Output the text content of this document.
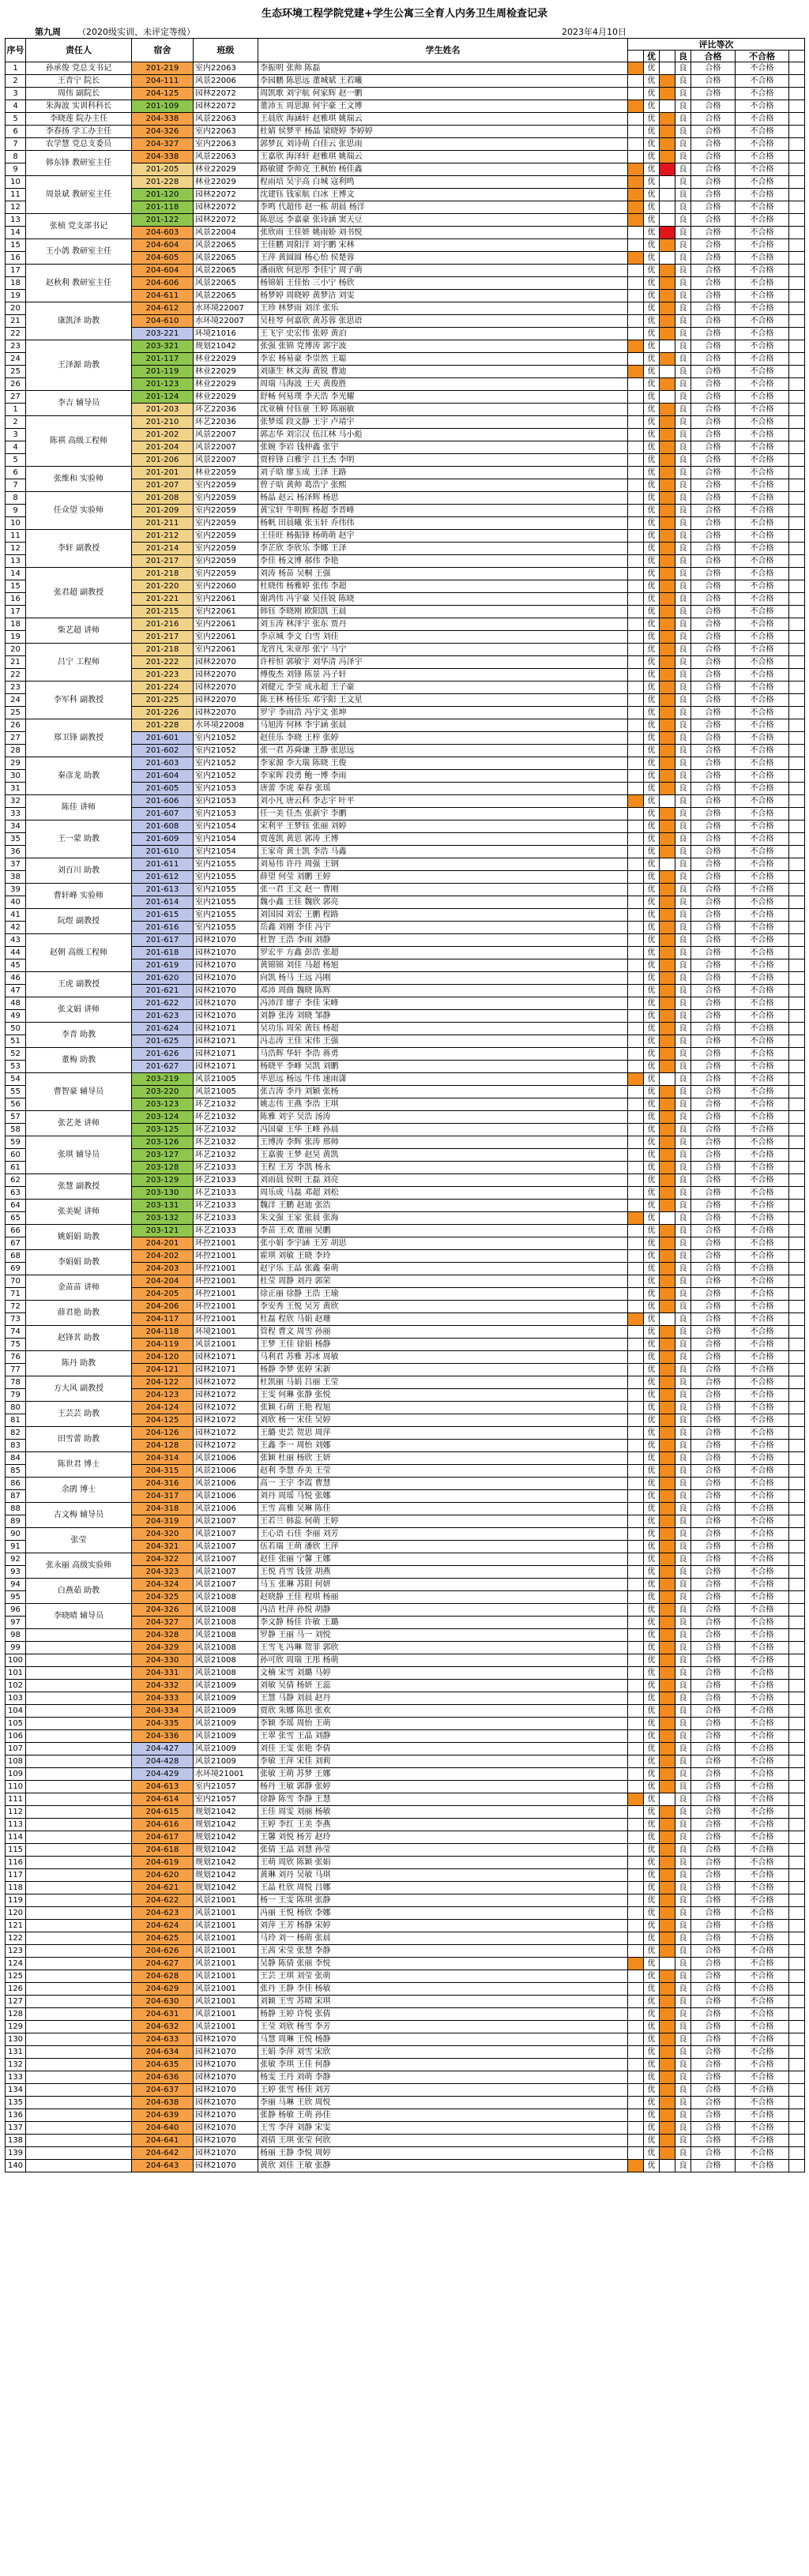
生态环境工程学院党建+学生公寓三全育人内务卫生周检查记录
第九周 （2020级实训、未评定等级）	2023年4月10日
序号	责任人	宿舍	班级	学生姓名	评比等次						
						优		良	合格	不合格	
1	孙承俊 党总支书记	201-219	室内22063	李振明 张帅 陈磊		优		良	合格	不合格	
2	王青宁 院长	204-111	风景22006	李园鹏 陈思远 董城斌 王若曦		优		良	合格	不合格	
3	周伟 副院长	204-125	园林22072	周凯歌 刘宇航 何家辉 赵一鹏		优		良	合格	不合格	
4	朱海波 实训科科长	201-109	园林22072	董沛玉 周思源 何宇豪 王文博		优		良	合格	不合格	
5	李晓莲 院办主任	204-338	风景22063	王晨欣 海涵轩 赵雅琪 姚瑞云		优		良	合格	不合格	
6	李春扬 学工办主任	204-326	室内22063	杜婧 侯梦平 杨晶 梁晓婷 李婷婷		优		良	合格	不合格	
7	农学慧 党总支委员	204-327	室内22063	郭梦瓦 刘诗萌 白佳云 张思雨		优		良	合格	不合格	
8	韩东锋 教研室主任	204-338	风景22063	王嘉欣 海泽轩 赵雅琪 姚瑞云		优		良	合格	不合格	
9		201-205	林业22029	路敏键 李帅克 王枫怡 杨佳鑫		优		良	合格	不合格	
10	周景斌 教研室主任	201-228	林业22029	程雨培 吴宇高 白城 寇利鸣		优		良	合格	不合格	
11		201-120	园林22072	沈建钰 钱家航 白冰 王博文		优		良	合格	不合格	
12		201-118	园林22072	李鸣 代超伟 赵一栋 胡晨 杨洋		优		良	合格	不合格	
13	张桢 党支部书记	201-122	园林22072	陈思远 李嘉豪 张诗涵 窦天豆		优		良	合格	不合格	
14		204-603	风景22004	张欣雨 王佳妍 姚雨娇 刘书悦		优		良	合格	不合格	
15	王小鸽 教研室主任	204-604	风景22065	王佳鹏 周阳洋 刘宇鹏 宋林		优		良	合格	不合格	
16		204-605	风景22065	王萍 黄圆圆 杨心怡 侯楚蓉		优		良	合格	不合格	
17	赵秋利 教研室主任	204-604	风景22065	潘雨欣 何思彤 李佳宁 周子萌		优		良	合格	不合格	
18		204-606	风景22065	杨锦娟 王佳怡 三小宁 杨欣		优		良	合格	不合格	
19		204-611	风景22065	杨梦婷 周晓婷 黄梦洁 刘雯		优		良	合格	不合格	
20	康凯泽 助教	204-612	水环境22007	王珍 林梦雨 刘洋 张乐		优		良	合格	不合格	
21		204-610	水环境22007	吴桂琴 何嘉欣 黄苏蓉 张思语		优		良	合格	不合格	
22		203-221	环境21016	王飞宇 史宏伟 张婷 黄泊		优		良	合格	不合格	
23	王泽源 助教	203-321	规划21042	张强 张锦 党博涛 郭宇波		优		良	合格	不合格	
24		201-117	林业22029	李宏 杨易豪 李崇然 王聪		优		良	合格	不合格	
25		201-119	林业22029	刘康生 林文海 黄锐 曹迪		优		良	合格	不合格	
26		201-123	林业22029	周瑞 马海波 王天 黄俊胜		优		良	合格	不合格	
27	李吉 辅导员	201-124	林业22029	舒畅 何易璞 李天浩 李光耀		优		良	合格	不合格	
1		201-203	环艺22036	沈亚楠 付钰童 王婷 陈丽敏		优		良	合格	不合格	
2	陈祺 高级工程师	201-210	环艺22036	张梦瑶 段文静 王宇 卢靖宇		优		良	合格	不合格	
3		201-202	风景22007	郭志华 刘宗汉 伍江林 马小彪		优		良	合格	不合格	
4		201-204	风景22007	张婉 李岩 钱仲鑫 张宇		优		良	合格	不合格	
5		201-206	风景22007	贾梓锋 白雅宇 吕王杰 李明		优		良	合格	不合格	
6	张维和 实验师	201-201	林业22059	刘子晗 廖玉成 王泽 王路		优		良	合格	不合格	
7		201-207	室内22059	曾子晗 黄帅 葛浩宁 张熙		优		良	合格	不合格	
8	任众望 实验师	201-208	室内22059	杨晶 赵云 杨泽辉 杨思		优		良	合格	不合格	
9		201-209	室内22059	黄宝轩 牛明辉 杨超 李晋峰		优		良	合格	不合格	
10		201-211	室内22059	杨帆 田晨曦 张玉轩 乔伟伟		优		良	合格	不合格	
11	李轩 副教授	201-212	室内22059	王佳旺 杨振锋 杨萌萌 赵宇		优		良	合格	不合格	
12		201-214	室内22059	李芷欣 李欣乐 李娜 王泽		优		良	合格	不合格	
13		201-217	室内22059	李佳 杨文博 郝伟 李艳		优		良	合格	不合格	
14	张君超 副教授	201-218	室内22059	刘涛 杨苗 吴桐 王强		优		良	合格	不合格	
15		201-220	室内22060	杜晓伟 杨雅婷 张伟 李超		优		良	合格	不合格	
16		201-221	室内22061	谢鸿伟 冯宇豪 吴佳锐 陈晓		优		良	合格	不合格	
17		201-215	室内22061	韩钰 李晓刚 欧阳凯 王晨		优		良	合格	不合格	
18	柴艺超 讲师	201-216	室内22061	刘玉涛 林泽宇 张东 贾丹		优		良	合格	不合格	
19		201-217	室内22061	李京城 李文 白雪 刘佳		优		良	合格	不合格	
20	吕宁 工程师	201-218	室内22061	龙宵凡 朱亚彤 张宁 马宁		优		良	合格	不合格	
21		201-222	园林22070	许梓恒 郭敏宇 刘华清 冯泽宇		优		良	合格	不合格	
22		201-223	园林22070	傅俊杰 刘锋 陈景 冯子轩		优		良	合格	不合格	
23	李军科 副教授	201-224	园林22070	刘健元 李莹 成永超 王子豪		优		良	合格	不合格	
24		201-225	园林22070	陈王林 杨佳乐 邓宇阳 王文星		优		良	合格	不合格	
25		201-226	园林22070	罗宇 李雨浩 冯宇文 张坤		优		良	合格	不合格	
26	郑卫锋 副教授	201-228	水环境22008	马旭涛 何林 李宇涵 张晨		优		良	合格	不合格	
27		201-601	室内21052	赵佳乐 李晓 王梓 张婷		优		良	合格	不合格	
28		201-602	室内21052	张一君 苏舜谦 王静 张思远		优		良	合格	不合格	
29	秦彦龙 助教	201-603	室内21052	李家源 李大瑞 陈晓 王俊		优		良	合格	不合格	
30		201-604	室内21052	李家晖 段勇 鲍一博 李雨		优		良	合格	不合格	
31		201-605	室内21053	唐蕾 李虎 秦春 张瑶		优		良	合格	不合格	
32	陈佳 讲师	201-606	室内21053	刘小凡 唐云科 李志宇 叶平		优		良	合格	不合格	
33		201-607	室内21053	任一美 任杰 张新宇 李鹏		优		良	合格	不合格	
34	王一蒙 助教	201-608	室内21054	宋利平 王梦钰 张丽 刘婷		优		良	合格	不合格	
35		201-609	室内21054	贾莲凯 黄思 郭涛 王博		优		良	合格	不合格	
36		201-610	室内21054	王家奇 黄士凯 李浩 马鑫		优		良	合格	不合格	
37	刘百川 助教	201-611	室内21055	刘易伟 许丹 周强 王钢		优		良	合格	不合格	
38		201-612	室内21055	薛望 何莹 刘鹏 王婷		优		良	合格	不合格	
39	曹轩峰 实验师	201-613	室内21055	张一君 王文 赵一 曹刚		优		良	合格	不合格	
40		201-614	室内21055	魏小鑫 王佳 魏欣 郭亮		优		良	合格	不合格	
41	阮煜 副教授	201-615	室内21055	刘国园 刘宏 王鹏 程路		优		良	合格	不合格	
42		201-616	室内21055	岳鑫 刘刚 李佳 冯宇		优		良	合格	不合格	
43	赵朝 高级工程师	201-617	园林21070	杜智 王浩 李雨 刘静		优		良	合格	不合格	
44		201-618	园林21070	罗宏平 方鑫 彭浩 张超		优		良	合格	不合格	
45		201-619	园林21070	黄锦锦 刘佳 马超 杨旭		优		良	合格	不合格	
46	王虎 副教授	201-620	园林21070	向凯 杨马 王远 冯刚		优		良	合格	不合格	
47		201-621	园林21070	邓沛 周曲 魏晓 陈辉		优		良	合格	不合格	
48	张文娟 讲师	201-622	园林21070	冯沛洋 廖子 李佳 宋峰		优		良	合格	不合格	
49		201-623	园林21070	刘静 张涛 刘晓 邹静		优		良	合格	不合格	
50	李青 助教	201-624	园林21071	吴功乐 周荣 黄钰 杨超		优		良	合格	不合格	
51		201-625	园林21071	冯志涛 王佳 宋伟 王强		优		良	合格	不合格	
52	董梅 助教	201-626	园林21071	马浩辉 华轩 李浩 蒋勇		优		良	合格	不合格	
53		201-627	园林21071	杨晓平 李峰 吴凯 刘鹏		优		良	合格	不合格	
54	曹智豪 辅导员	203-219	风景21005	毕思远 杨远 牛伟 速雨潇		优		良	合格	不合格	
55		203-220	风景21005	张吉涛 李丹 刘颖 张杨		优		良	合格	不合格	
56		203-123	环艺21032	姚志伟 王燕 李浩 王琪		优		良	合格	不合格	
57	张艺尧 讲师	203-124	环艺21032	陈雅 刘宇 吴浩 汤涛		优		良	合格	不合格	
58		203-125	环艺21032	冯国豪 王华 王峰 孙晨		优		良	合格	不合格	
59	张琪 辅导员	203-126	环艺21032	王博涛 李辉 张涛 邢帅		优		良	合格	不合格	
60		203-127	环艺21032	王嘉骏 王梦 赵昊 黄凯		优		良	合格	不合格	
61		203-128	环艺21033	王程 王芳 李凯 杨永		优		良	合格	不合格	
62	张慧 副教授	203-129	环艺21033	刘雨晨 侯明 王磊 刘亮		优		良	合格	不合格	
63		203-130	环艺21033	周乐成 马磊 邓超 刘松		优		良	合格	不合格	
64	张美妮 讲师	203-131	环艺21033	魏洋 王鹏 赵迪 张浩		优		良	合格	不合格	
65		203-132	环艺21033	朱文强 王家 张晨 张海		优		良	合格	不合格	
66	姚娟娟 助教	203-121	环艺21033	李苗 王欢 董丽 吴鹏		优		良	合格	不合格	
67		204-201	环控21001	张小娟 李宇涵 王芳 胡思		优		良	合格	不合格	
68	李娟娟 助教	204-202	环控21001	霍琪 刘敏 王晓 李玲		优		良	合格	不合格	
69		204-203	环控21001	赵宇乐 王晶 张鑫 秦萌		优		良	合格	不合格	
70	金苗苗 讲师	204-204	环控21001	杜莹 周静 刘丹 郭荣		优		良	合格	不合格	
71		204-205	环控21001	徐正丽 徐静 王浩 王瑜		优		良	合格	不合格	
72	薛君艳 助教	204-206	环控21001	李安秀 王悦 吴芳 黄欣		优		良	合格	不合格	
73		204-117	环控21001	杜磊 程欣 马娟 赵珊		优		良	合格	不合格	
74	赵锋茗 助教	204-118	环境21001	管程 曹文 周雪 孙丽		优		良	合格	不合格	
75		204-119	风景21001	王梦 王佳 徐娟 杨静		优		良	合格	不合格	
76	陈丹 助教	204-120	园林21071	马利君 苏雅 苏冰 周敏		优		良	合格	不合格	
77		204-121	园林21071	杨静 李梦 张婷 宋新		优		良	合格	不合格	
78	方大风 副教授	204-122	园林21072	杜凯丽 马娟 吕丽 王莹		优		良	合格	不合格	
79		204-123	园林21072	王雯 何琳 张静 张悦		优		良	合格	不合格	
80	王芸芸 助教	204-124	园林21072	张颖 石萌 王艳 程旭		优		良	合格	不合格	
81		204-125	园林21072	刘欣 杨一 宋佳 吴婷		优		良	合格	不合格	
82	田雪蕾 助教	204-126	园林21072	王璐 史芸 贺思 周萍		优		良	合格	不合格	
83		204-128	园林21072	王鑫 李一 周怡 刘娜		优		良	合格	不合格	
84	陈世君 博士	204-314	风景21006	张颖 杜丽 杨欣 王妍		优		良	合格	不合格	
85		204-315	风景21006	赵利 李慧 乔美 王莹		优		良	合格	不合格	
86	余鹃 博士	204-316	风景21006	高一 王宇 李霞 曹慧		优		良	合格	不合格	
87		204-317	风景21006	刘丹 周瑶 马悦 张娜		优		良	合格	不合格	
88	古文梅 辅导员	204-318	风景21006	王雪 高雅 吴琳 陈佳		优		良	合格	不合格	
89		204-319	风景21007	王若兰 韩蕊 何萌 王婷		优		良	合格	不合格	
90	张莹	204-320	风景21007	王心语 石佳 李丽 刘芳		优		良	合格	不合格	
91		204-321	风景21007	伍若瑞 王萌 潘欣 王萍		优		良	合格	不合格	
92	张永丽 高级实验师	204-322	风景21007	赵佳 张丽 宁馨 王娜		优		良	合格	不合格	
93		204-323	风景21007	王悦 肖雪 钱萱 胡燕		优		良	合格	不合格	
94	白燕茹 助教	204-324	风景21007	马玉 张琳 苏阳 何妍		优		良	合格	不合格	
95		204-325	风景21008	赵晓静 王佳 程琪 杨丽		优		良	合格	不合格	
96	李晓晴 辅导员	204-326	风景21008	冯洁 杜萍 孙悦 胡静		优		良	合格	不合格	
97		204-327	风景21008	李文静 杨佳 许敏 王璐		优		良	合格	不合格	
98		204-328	风景21008	罗静 王丽 马一 刘悦		优		良	合格	不合格	
99		204-329	风景21008	王雪飞 冯琳 贺菲 郭欣		优		良	合格	不合格	
100		204-330	风景21008	孙可欣 周瑞 王彤 杨萌		优		良	合格	不合格	
101		204-331	风景21008	文楠 宋雪 刘璐 马婷		优		良	合格	不合格	
102		204-332	风景21009	刘敏 吴倩 杨妍 王蕊		优		良	合格	不合格	
103		204-333	风景21009	王慧 马静 刘晨 赵丹		优		良	合格	不合格	
104		204-334	风景21009	贾欣 朱娜 陈思 张欢		优		良	合格	不合格	
105		204-335	风景21009	李颖 李瑶 周怡 王萌		优		良	合格	不合格	
106		204-336	风景21009	王翠 张雪 王晶 刘静		优		良	合格	不合格	
107		204-427	风景21009	刘佳 王雯 张艳 李倩		优		良	合格	不合格	
108		204-428	风景21009	李敏 王萍 宋佳 刘莉		优		良	合格	不合格	
109		204-429	水环境21001	张敏 王萌 苏梦 王娜		优		良	合格	不合格	
110		204-613	室内21057	杨丹 王敏 郭静 张婷		优		良	合格	不合格	
111		204-614	室内21057	徐静 陈雪 李静 王慧		优		良	合格	不合格	
112		204-615	规划21042	王佳 周雯 刘丽 杨敏		优		良	合格	不合格	
113		204-616	规划21042	王婷 李红 王美 李燕		优		良	合格	不合格	
114		204-617	规划21042	王馨 刘悦 杨芳 赵玲		优		良	合格	不合格	
115		204-618	规划21042	张倩 王晶 刘慧 孙莹		优		良	合格	不合格	
116		204-619	规划21042	王萌 周欣 陈颖 张娟		优		良	合格	不合格	
117		204-620	规划21042	黄琳 刘丹 吴敏 马琪		优		良	合格	不合格	
118		204-621	规划21042	王晶 杜欣 周悦 吕娜		优		良	合格	不合格	
119		204-622	风景21001	杨一 王雯 陈琪 张静		优		良	合格	不合格	
120		204-623	风景21001	冯丽 王悦 杨欣 李娜		优		良	合格	不合格	
121		204-624	风景21001	刘萍 王芳 杨静 宋婷		优		良	合格	不合格	
122		204-625	风景21001	马玲 刘一 杨萌 张晨		优		良	合格	不合格	
123		204-626	风景21001	王茜 宋莹 张慧 李静		优		良	合格	不合格	
124		204-627	风景21001	吴静 陈倩 张丽 李悦		优		良	合格	不合格	
125		204-628	风景21001	王芸 王琪 刘莹 张萌		优		良	合格	不合格	
126		204-629	风景21001	张丹 王静 李佳 杨敏		优		良	合格	不合格	
127		204-630	风景21001	刘颖 王雪 苏晴 宋琪		优		良	合格	不合格	
128		204-631	风景21001	杨静 王婷 许悦 张倩		优		良	合格	不合格	
129		204-632	风景21001	王莹 刘欣 杨雪 李芳		优		良	合格	不合格	
130		204-633	园林21070	马慧 周琳 王悦 杨静		优		良	合格	不合格	
131		204-634	园林21070	王娟 李萍 刘雪 宋欣		优		良	合格	不合格	
132		204-635	园林21070	张敏 李琪 王佳 何静		优		良	合格	不合格	
133		204-636	园林21070	杨雯 王丹 刘萌 李静		优		良	合格	不合格	
134		204-637	园林21070	王婷 张雪 杨佳 刘芳		优		良	合格	不合格	
135		204-638	园林21070	李丽 马琳 王欣 周悦		优		良	合格	不合格	
136		204-639	园林21070	张静 杨敏 王萌 孙佳		优		良	合格	不合格	
137		204-640	园林21070	王雪 李萍 刘静 宋雯		优		良	合格	不合格	
138		204-641	园林21070	刘倩 王琪 张莹 何欣		优		良	合格	不合格	
139		204-642	园林21070	杨丽 王静 李悦 周婷		优		良	合格	不合格	
140		204-643	园林21070	黄欣 刘佳 王敏 张静		优		良	合格	不合格	
